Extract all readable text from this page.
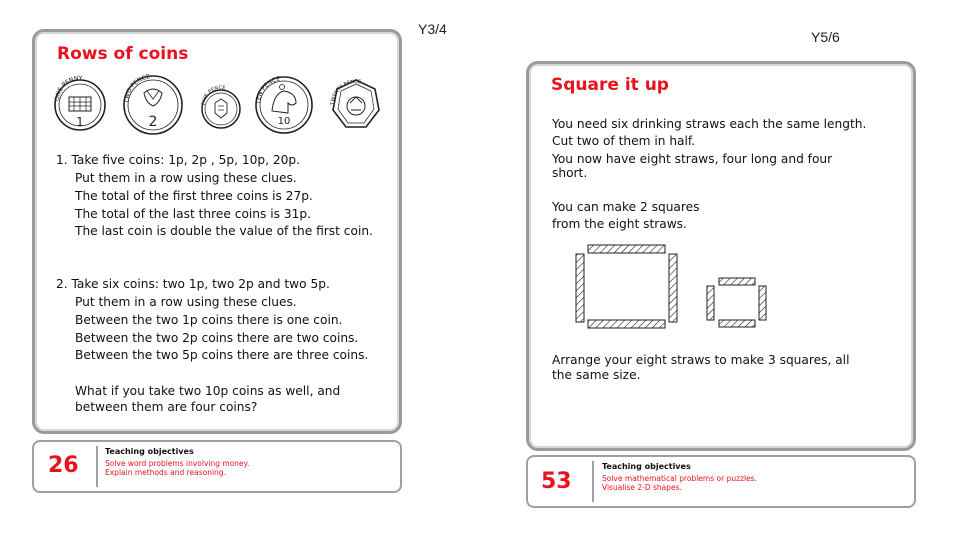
Y3/4	Y5/6
Rows of coins
1. Take five coins: 1p, 2p , 5p, 10p, 20p.
Put them in a row using these clues.
The total of the first three coins is 27p.
The total of the last three coins is 31p.
The last coin is double the value of the first coin.
2. Take six coins: two 1p, two 2p and two 5p.
Put them in a row using these clues.
Between the two 1p coins there is one coin.
Between the two 2p coins there are two coins.
Between the two 5p coins there are three coins.
What if you take two 10p coins as well, and
between them are four coins?
ONE PENNY
1
TWO PENCE
2
FIVE PENCE
TEN PENCE
10
TWENTY PENCE
26
Teaching objectives
Solve word problems involving money.
Explain methods and reasoning.
Square it up
You need six drinking straws each the same length.
Cut two of them in half.
You now have eight straws, four long and four
short.
You can make 2 squares
from the eight straws.
Arrange your eight straws to make 3 squares, all
the same size.
53
Teaching objectives
Solve mathematical problems or puzzles.
Visualise 2-D shapes.
